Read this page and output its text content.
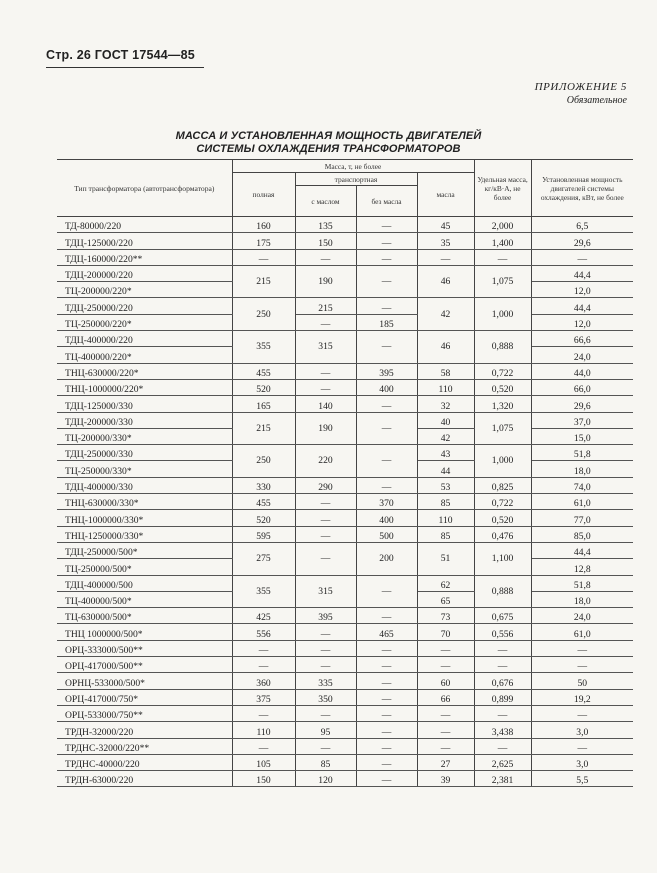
Стр. 26 ГОСТ 17544—85
ПРИЛОЖЕНИЕ 5
Обязательное
МАССА И УСТАНОВЛЕННАЯ МОЩНОСТЬ ДВИГАТЕЛЕЙ
СИСТЕМЫ ОХЛАЖДЕНИЯ ТРАНСФОРМАТОРОВ
Тип трансформатора (автотрансформатора)	Масса, т, не более				Удельная масса, кг/кВ·А, не более	Установленная мощность двигателей системы охлаждения, кВт, не более
	полная	транспортная		масла		
		с маслом	без масла			
ТД-80000/220	160	135	—	45	2,000	6,5
ТДЦ-125000/220	175	150	—	35	1,400	29,6
ТДЦ-160000/220**	—	—	—	—	—	—
ТДЦ-200000/220	215	190	—	46	1,075	44,4
ТЦ-200000/220*						12,0
ТДЦ-250000/220	250	215	—	42	1,000	44,4
ТЦ-250000/220*		—	185			12,0
ТДЦ-400000/220	355	315	—	46	0,888	66,6
ТЦ-400000/220*						24,0
ТНЦ-630000/220*	455	—	395	58	0,722	44,0
ТНЦ-1000000/220*	520	—	400	110	0,520	66,0
ТДЦ-125000/330	165	140	—	32	1,320	29,6
ТДЦ-200000/330	215	190	—	40	1,075	37,0
ТЦ-200000/330*				42		15,0
ТДЦ-250000/330	250	220	—	43	1,000	51,8
ТЦ-250000/330*				44		18,0
ТДЦ-400000/330	330	290	—	53	0,825	74,0
ТНЦ-630000/330*	455	—	370	85	0,722	61,0
ТНЦ-1000000/330*	520	—	400	110	0,520	77,0
ТНЦ-1250000/330*	595	—	500	85	0,476	85,0
ТДЦ-250000/500*	275	—	200	51	1,100	44,4
ТЦ-250000/500*						12,8
ТДЦ-400000/500	355	315	—	62	0,888	51,8
ТЦ-400000/500*				65		18,0
ТЦ-630000/500*	425	395	—	73	0,675	24,0
ТНЦ 1000000/500*	556	—	465	70	0,556	61,0
ОРЦ-333000/500**	—	—	—	—	—	—
ОРЦ-417000/500**	—	—	—	—	—	—
ОРНЦ-533000/500*	360	335	—	60	0,676	50
ОРЦ-417000/750*	375	350	—	66	0,899	19,2
ОРЦ-533000/750**	—	—	—	—	—	—
ТРДН-32000/220	110	95	—	—	3,438	3,0
ТРДНС-32000/220**	—	—	—	—	—	—
ТРДНС-40000/220	105	85	—	27	2,625	3,0
ТРДН-63000/220	150	120	—	39	2,381	5,5
